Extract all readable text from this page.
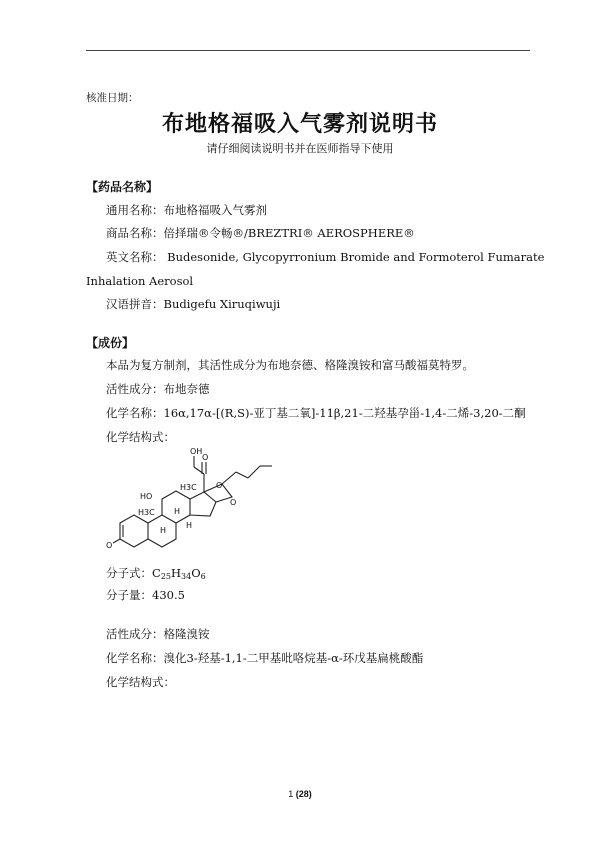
核准日期：
布地格福吸入气雾剂说明书
请仔细阅读说明书并在医师指导下使用
【药品名称】
通用名称：布地格福吸入气雾剂
商品名称：倍择瑞®令畅®/BREZTRI® AEROSPHERE®
英文名称： Budesonide, Glycopyrronium Bromide and Formoterol Fumarate
Inhalation Aerosol
汉语拼音：Budigefu Xiruqiwuji
【成份】
本品为复方制剂，其活性成分为布地奈德、格隆溴铵和富马酸福莫特罗。
活性成分：布地奈德
化学名称：16α,17α-[(R,S)-亚丁基二氧]-11β,21-二羟基孕甾-1,4-二烯-3,20-二酮
化学结构式：
OH
O
O
O
H3C
HO
H3C H
H
H
O
分子式：$C_{25}H_{34}O_6$
分子量：430.5
活性成分：格隆溴铵
化学名称：溴化3-羟基-1,1-二甲基吡咯烷基-α-环戊基扁桃酸酯
化学结构式：
1 (28)
